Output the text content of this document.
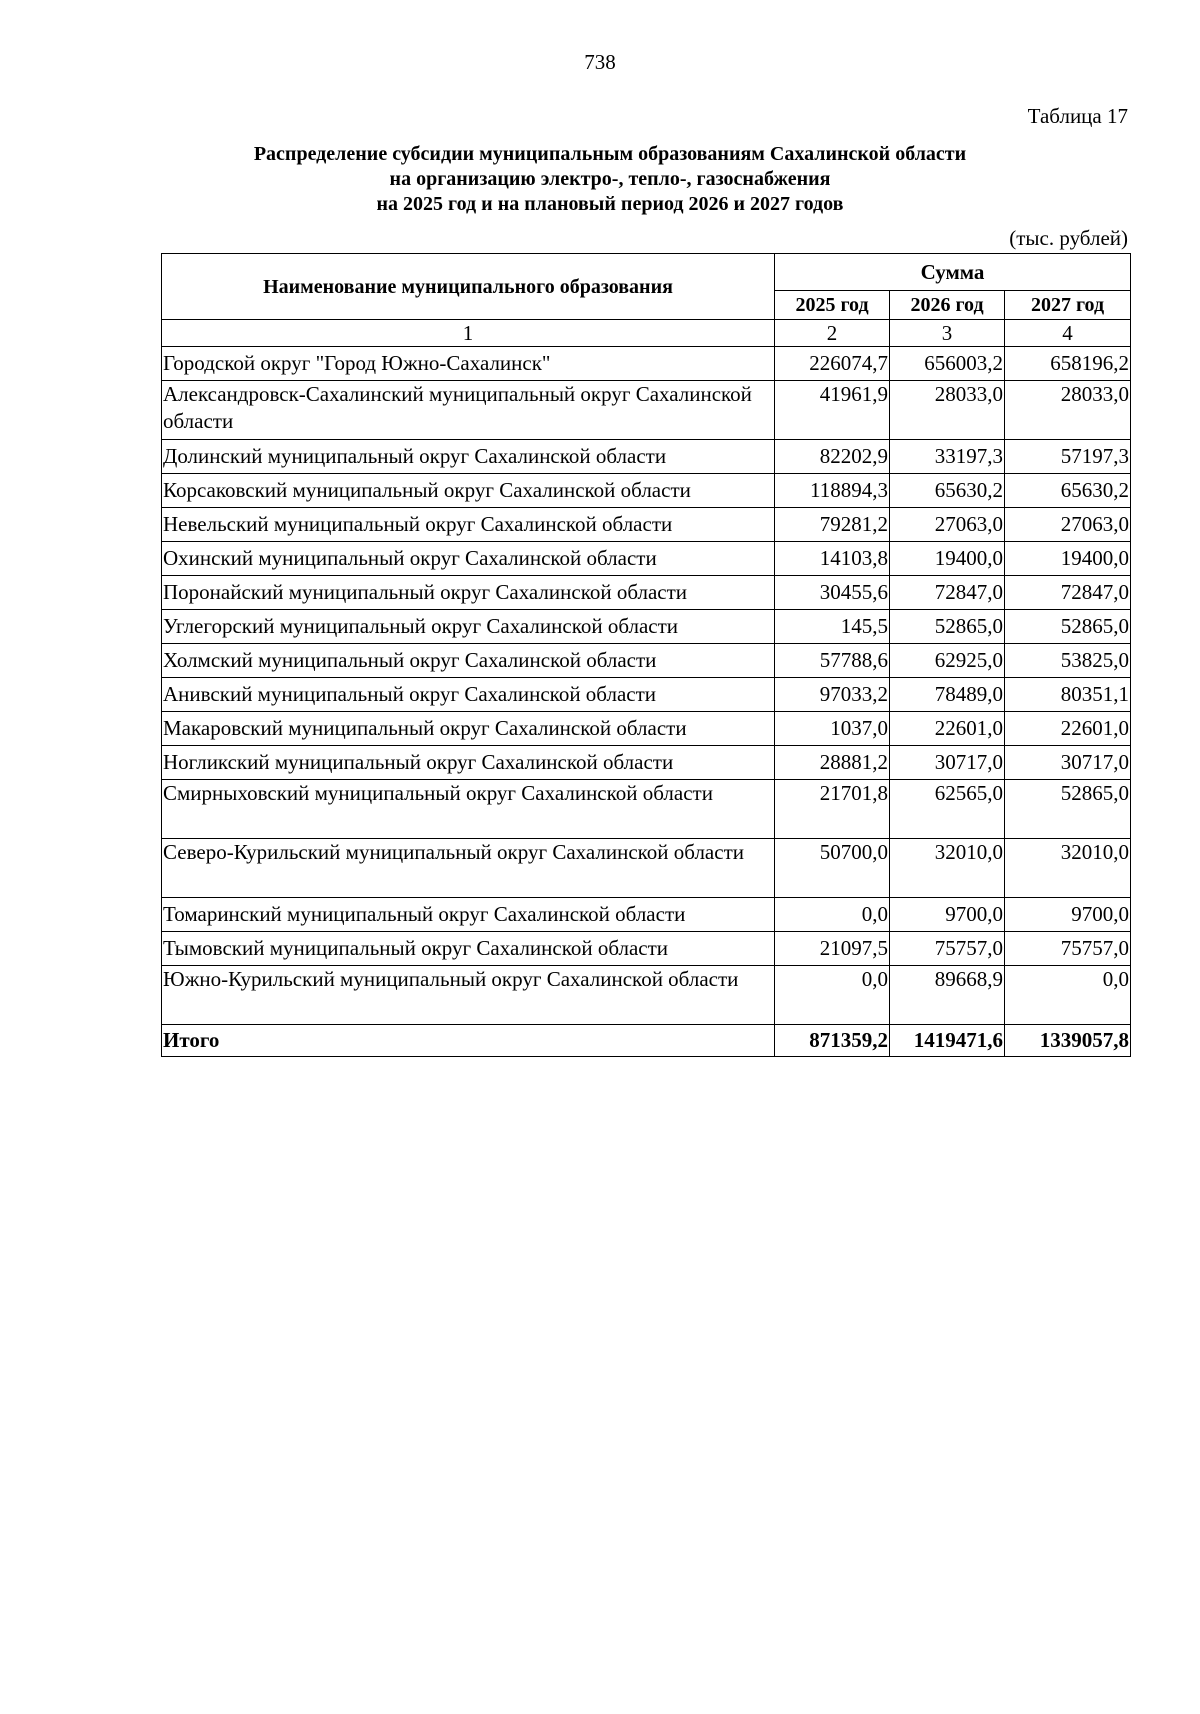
738
Таблица 17
Распределение субсидии муниципальным образованиям Сахалинской области
на организацию электро-, тепло-, газоснабжения
на 2025 год и на плановый период 2026 и 2027 годов
(тыс. рублей)
Наименование муниципального образования	Сумма		
	2025 год	2026 год	2027 год
1	2	3	4
Городской округ "Город Южно-Сахалинск"	226074,7	656003,2	658196,2
Александровск-Сахалинский муниципальный округ Сахалинской области	41961,9	28033,0	28033,0
Долинский муниципальный округ Сахалинской области	82202,9	33197,3	57197,3
Корсаковский муниципальный округ Сахалинской области	118894,3	65630,2	65630,2
Невельский муниципальный округ Сахалинской области	79281,2	27063,0	27063,0
Охинский муниципальный округ Сахалинской области	14103,8	19400,0	19400,0
Поронайский муниципальный округ Сахалинской области	30455,6	72847,0	72847,0
Углегорский муниципальный округ Сахалинской области	145,5	52865,0	52865,0
Холмский муниципальный округ Сахалинской области	57788,6	62925,0	53825,0
Анивский муниципальный округ Сахалинской области	97033,2	78489,0	80351,1
Макаровский муниципальный округ Сахалинской области	1037,0	22601,0	22601,0
Ногликский муниципальный округ Сахалинской области	28881,2	30717,0	30717,0
Смирныховский муниципальный округ Сахалинской области	21701,8	62565,0	52865,0
Северо-Курильский муниципальный округ Сахалинской области	50700,0	32010,0	32010,0
Томаринский муниципальный округ Сахалинской области	0,0	9700,0	9700,0
Тымовский муниципальный округ Сахалинской области	21097,5	75757,0	75757,0
Южно-Курильский муниципальный округ Сахалинской области	0,0	89668,9	0,0
Итого	871359,2	1419471,6	1339057,8
